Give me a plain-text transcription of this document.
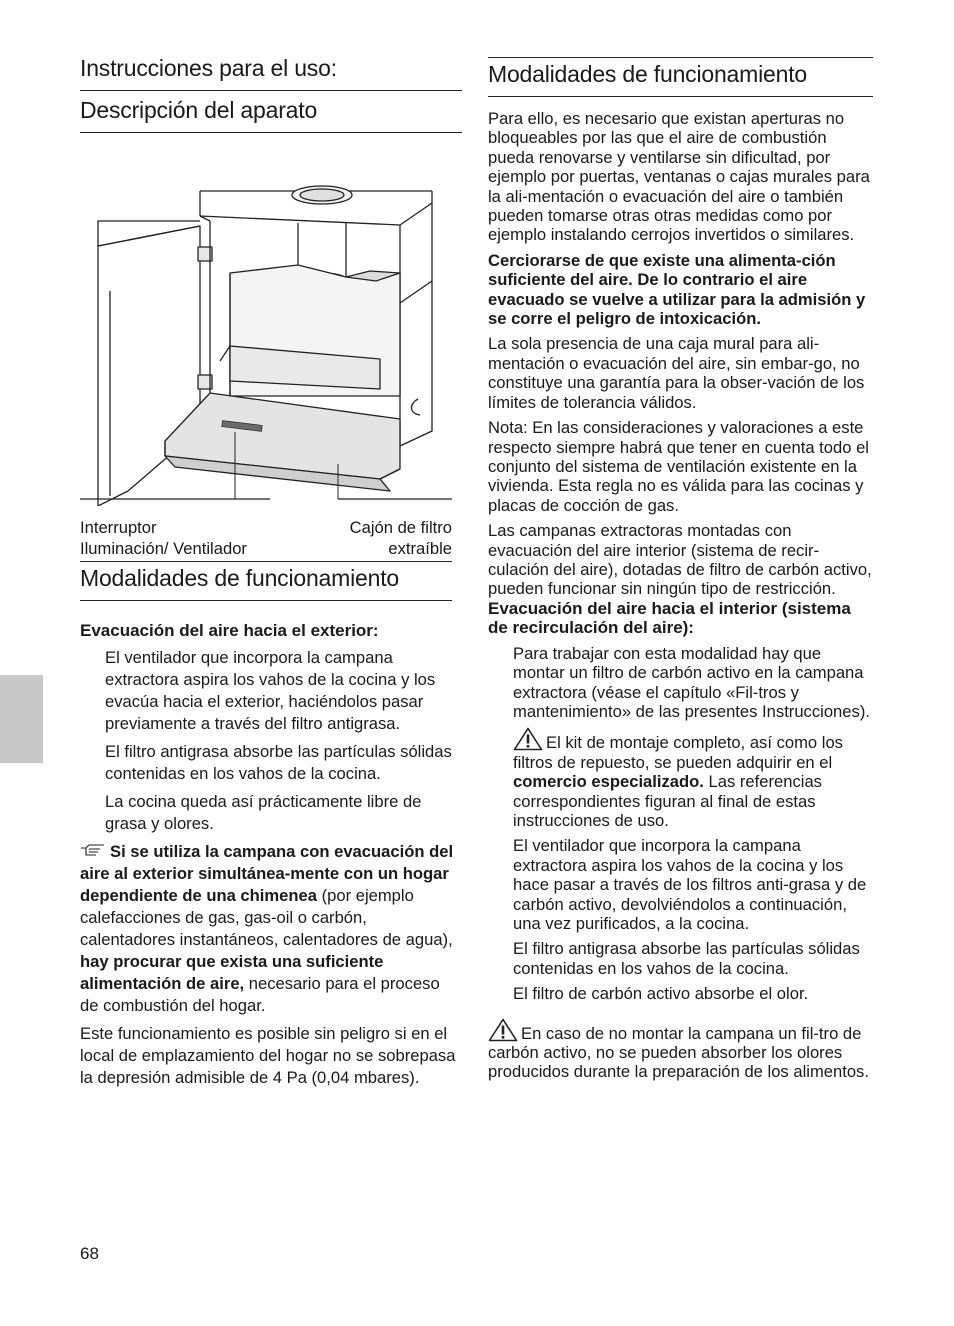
Instrucciones para el uso:
Descripción del aparato
Interruptor
Iluminación/ Ventilador
Cajón de filtro
extraíble
Modalidades de funcionamiento
Evacuación del aire hacia el exterior:

El ventilador que incorpora la campana extractora aspira los vahos de la cocina y los evacúa hacia el exterior, haciéndolos pasar previamente a través del filtro antigrasa.

El filtro antigrasa absorbe las partículas sólidas contenidas en los vahos de la cocina.

La cocina queda así prácticamente libre de grasa y olores.

Si se utiliza la campana con evacuación del aire al exterior simultánea-mente con un hogar dependiente de una chimenea (por ejemplo calefacciones de gas, gas-oil o carbón, calentadores instantáneos, calentadores de agua), hay procurar que exista una suficiente alimentación de aire, necesario para el proceso de combustión del hogar.

Este funcionamiento es posible sin peligro si en el local de emplazamiento del hogar no se sobrepasa la depresión admisible de 4 Pa (0,04 mbares).

Modalidades de funcionamiento

Para ello, es necesario que existan aperturas no bloqueables por las que el aire de combustión pueda renovarse y ventilarse sin dificultad, por ejemplo por puertas, ventanas o cajas murales para la ali-mentación o evacuación del aire o también pueden tomarse otras otras medidas como por ejemplo instalando cerrojos invertidos o similares.

Cerciorarse de que existe una alimenta-ción suficiente del aire. De lo contrario el aire evacuado se vuelve a utilizar para la admisión y se corre el peligro de intoxicación.

La sola presencia de una caja mural para ali-mentación o evacuación del aire, sin embar-go, no constituye una garantía para la obser-vación de los límites de tolerancia válidos.

Nota: En las consideraciones y valoraciones a este respecto siempre habrá que tener en cuenta todo el conjunto del sistema de ventilación existente en la vivienda. Esta regla no es válida para las cocinas y placas de cocción de gas.

Las campanas extractoras montadas con evacuación del aire interior (sistema de recir-culación del aire), dotadas de filtro de carbón activo, pueden funcionar sin ningún tipo de restricción.

Evacuación del aire hacia el interior (sistema de recirculación del aire):

Para trabajar con esta modalidad hay que montar un filtro de carbón activo en la campana extractora (véase el capítulo «Fil-tros y mantenimiento» de las presentes Instrucciones).

El kit de montaje completo, así como los filtros de repuesto, se pueden adquirir en el comercio especializado. Las referencias correspondientes figuran al final de estas instrucciones de uso.

El ventilador que incorpora la campana extractora aspira los vahos de la cocina y los hace pasar a través de los filtros anti-grasa y de carbón activo, devolviéndolos a continuación, una vez purificados, a la cocina.

El filtro antigrasa absorbe las partículas sólidas contenidas en los vahos de la cocina.

El filtro de carbón activo absorbe el olor.

En caso de no montar la campana un fil-tro de carbón activo, no se pueden absorber los olores producidos durante la preparación de los alimentos.

68
